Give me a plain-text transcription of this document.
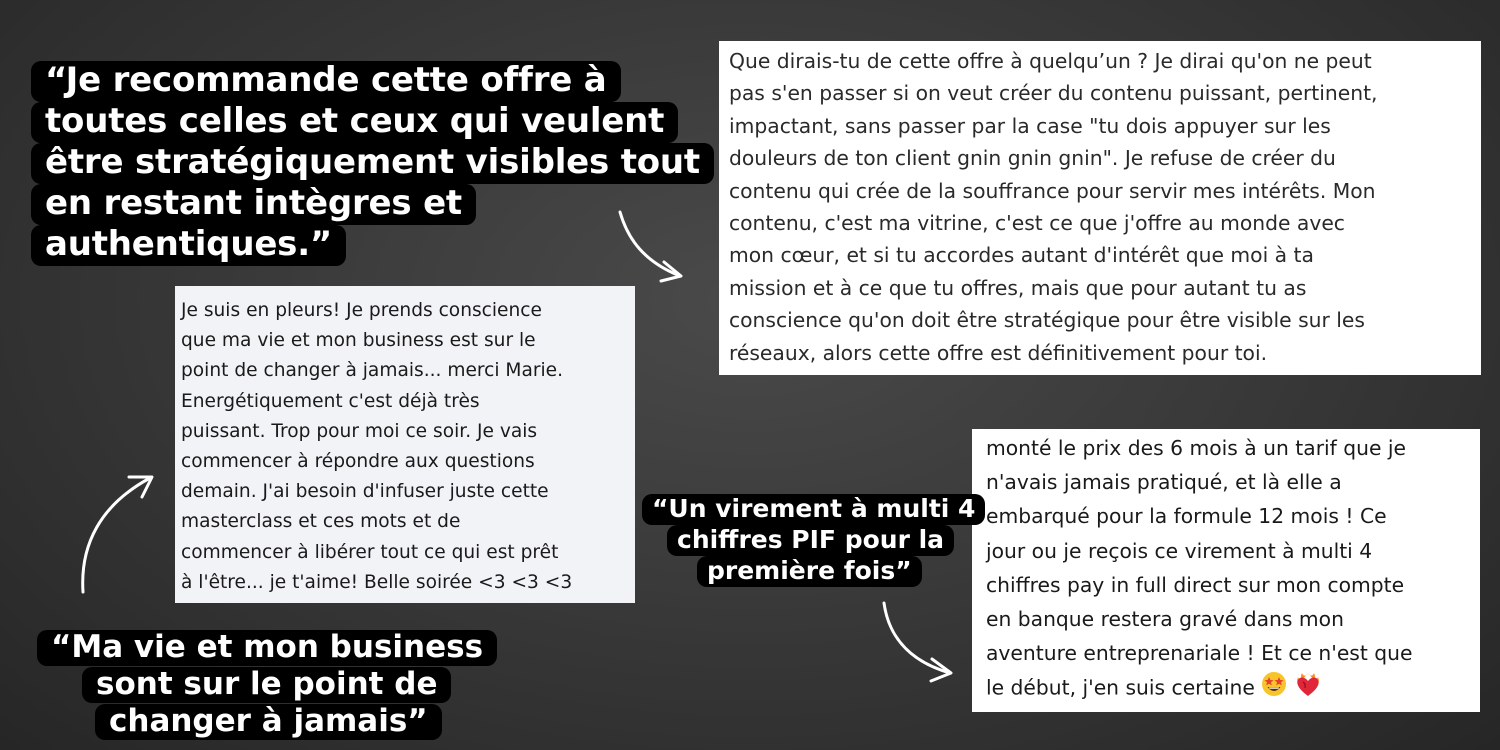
“Je recommande cette offre à
toutes celles et ceux qui veulent
être stratégiquement visibles tout
en restant intègres et
authentiques.”
Que dirais-tu de cette offre à quelqu’un ? Je dirai qu'on ne peut
pas s'en passer si on veut créer du contenu puissant, pertinent,
impactant, sans passer par la case "tu dois appuyer sur les
douleurs de ton client gnin gnin gnin". Je refuse de créer du
contenu qui crée de la souffrance pour servir mes intérêts. Mon
contenu, c'est ma vitrine, c'est ce que j'offre au monde avec
mon cœur, et si tu accordes autant d'intérêt que moi à ta
mission et à ce que tu offres, mais que pour autant tu as
conscience qu'on doit être stratégique pour être visible sur les
réseaux, alors cette offre est définitivement pour toi.
Je suis en pleurs! Je prends conscience
que ma vie et mon business est sur le
point de changer à jamais... merci Marie.
Energétiquement c'est déjà très
puissant. Trop pour moi ce soir. Je vais
commencer à répondre aux questions
demain. J'ai besoin d'infuser juste cette
masterclass et ces mots et de
commencer à libérer tout ce qui est prêt
à l'être... je t'aime! Belle soirée <3 <3 <3
monté le prix des 6 mois à un tarif que je
n'avais jamais pratiqué, et là elle a
embarqué pour la formule 12 mois ! Ce
jour ou je reçois ce virement à multi 4
chiffres pay in full direct sur mon compte
en banque restera gravé dans mon
aventure entreprenariale ! Et ce n'est que
le début, j'en suis certaine
“Un virement à multi 4
chiffres PIF pour la
première fois”
“Ma vie et mon business
sont sur le point de
changer à jamais”
